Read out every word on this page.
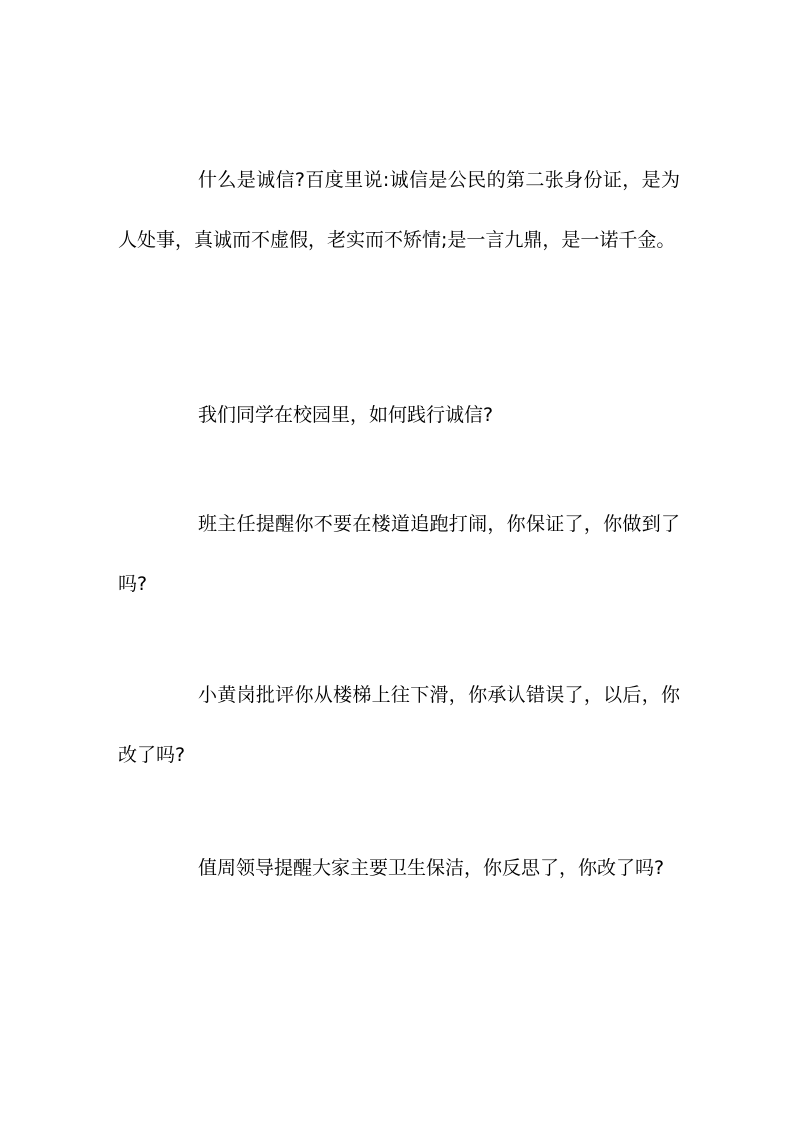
什么是诚信?百度里说:诚信是公民的第二张身份证，是为人处事，真诚而不虚假，老实而不矫情;是一言九鼎，是一诺千金。

我们同学在校园里，如何践行诚信?

班主任提醒你不要在楼道追跑打闹，你保证了，你做到了吗?

小黄岗批评你从楼梯上往下滑，你承认错误了，以后，你改了吗?

值周领导提醒大家主要卫生保洁，你反思了，你改了吗?
